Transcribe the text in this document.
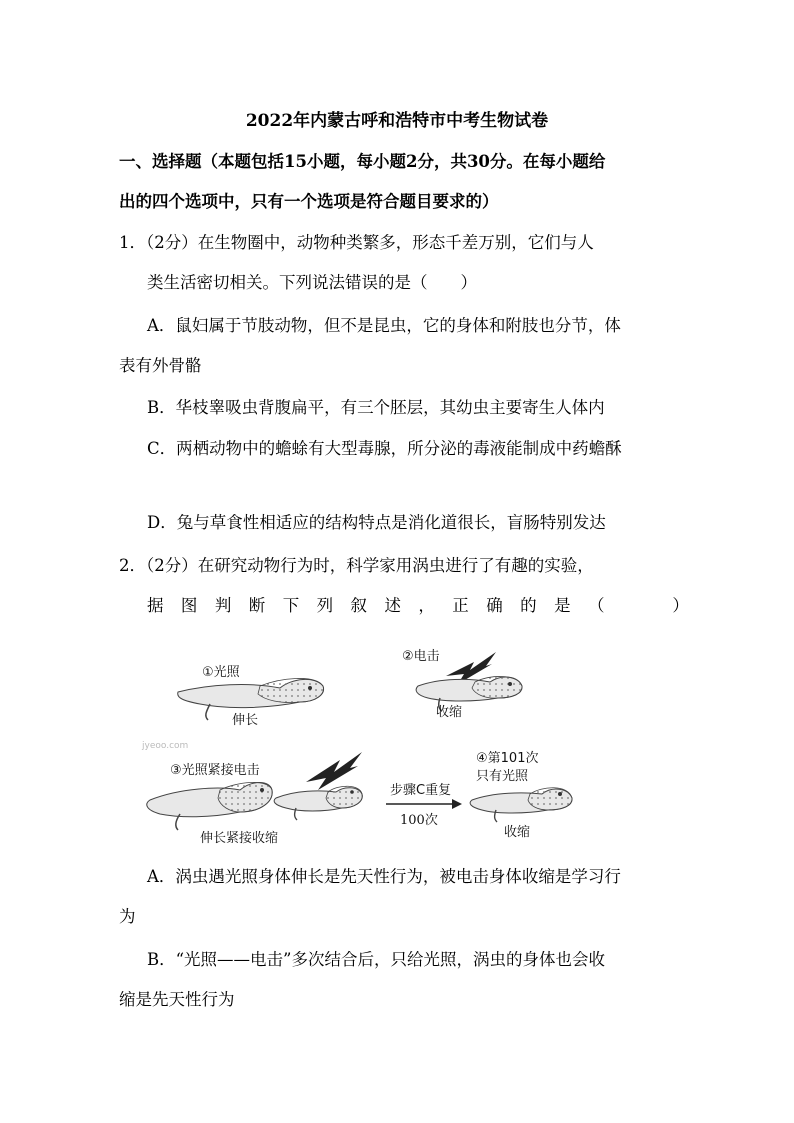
2022年内蒙古呼和浩特市中考生物试卷
一、选择题（本题包括15小题，每小题2分，共30分。在每小题给
出的四个选项中，只有一个选项是符合题目要求的）
1．（2分）在生物圈中，动物种类繁多，形态千差万别，它们与人
类生活密切相关。下列说法错误的是（　　）
A．鼠妇属于节肢动物，但不是昆虫，它的身体和附肢也分节，体
表有外骨骼
B．华枝睾吸虫背腹扁平，有三个胚层，其幼虫主要寄生人体内
C．两栖动物中的蟾蜍有大型毒腺，所分泌的毒液能制成中药蟾酥
D．兔与草食性相适应的结构特点是消化道很长，盲肠特别发达
2．（2分）在研究动物行为时，科学家用涡虫进行了有趣的实验，
据 图 判 断 下 列 叙 述 ， 正 确 的 是 （
　　	）
①光照
伸长
②电击
收缩
jyeoo.com
③光照紧接电击
伸长紧接收缩
步骤C重复
100次
④第101次
只有光照
收缩
A．涡虫遇光照身体伸长是先天性行为，被电击身体收缩是学习行
为
B．“光照——电击”多次结合后，只给光照，涡虫的身体也会收
缩是先天性行为
